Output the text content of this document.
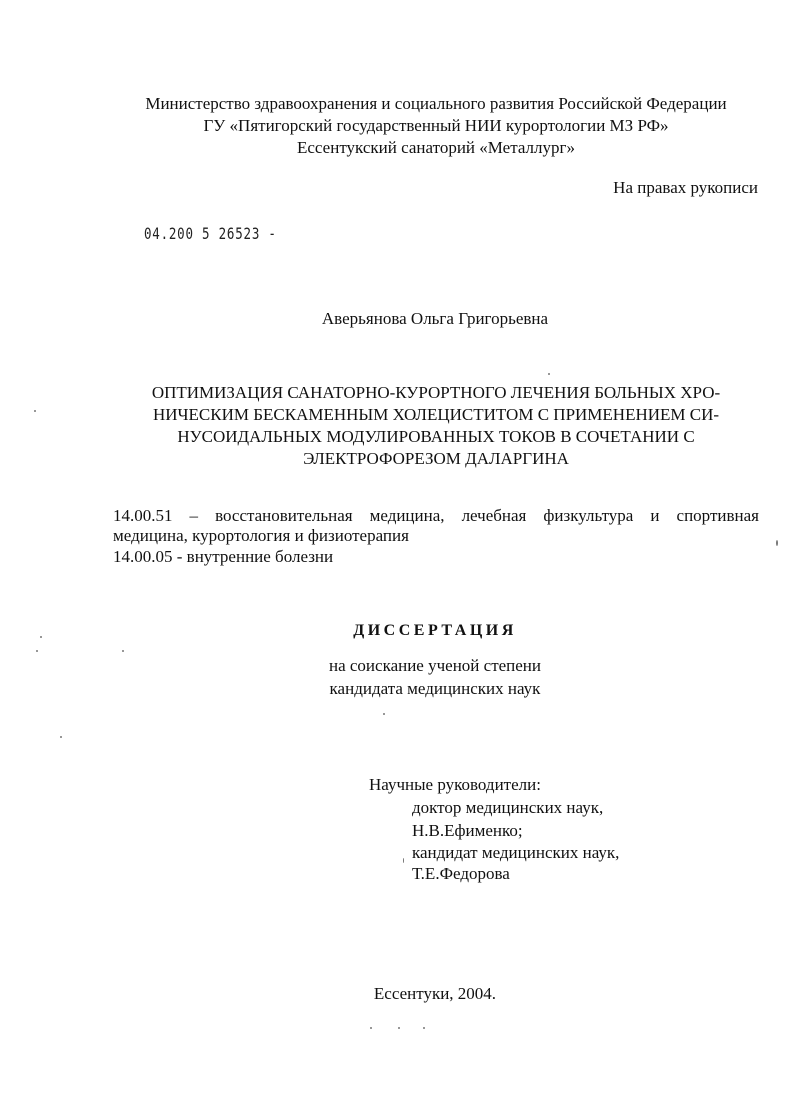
Министерство здравоохранения и социального развития Российской Федерации
ГУ «Пятигорский государственный НИИ курортологии МЗ РФ»
Ессентукский санаторий «Металлург»
На правах рукописи
04.200 5 26523 -
Аверьянова Ольга Григорьевна
ОПТИМИЗАЦИЯ САНАТОРНО-КУРОРТНОГО ЛЕЧЕНИЯ БОЛЬНЫХ ХРО-
НИЧЕСКИМ БЕСКАМЕННЫМ ХОЛЕЦИСТИТОМ С ПРИМЕНЕНИЕМ СИ-
НУСОИДАЛЬНЫХ МОДУЛИРОВАННЫХ ТОКОВ В СОЧЕТАНИИ С
ЭЛЕКТРОФОРЕЗОМ ДАЛАРГИНА
14.00.51 – восстановительная медицина, лечебная физкультура и спортивная
медицина, курортология и физиотерапия
14.00.05 - внутренние болезни
ДИССЕРТАЦИЯ
на соискание ученой степени
кандидата медицинских наук
Научные руководители:
доктор медицинских наук,
Н.В.Ефименко;
кандидат медицинских наук,
Т.Е.Федорова
Ессентуки, 2004.
